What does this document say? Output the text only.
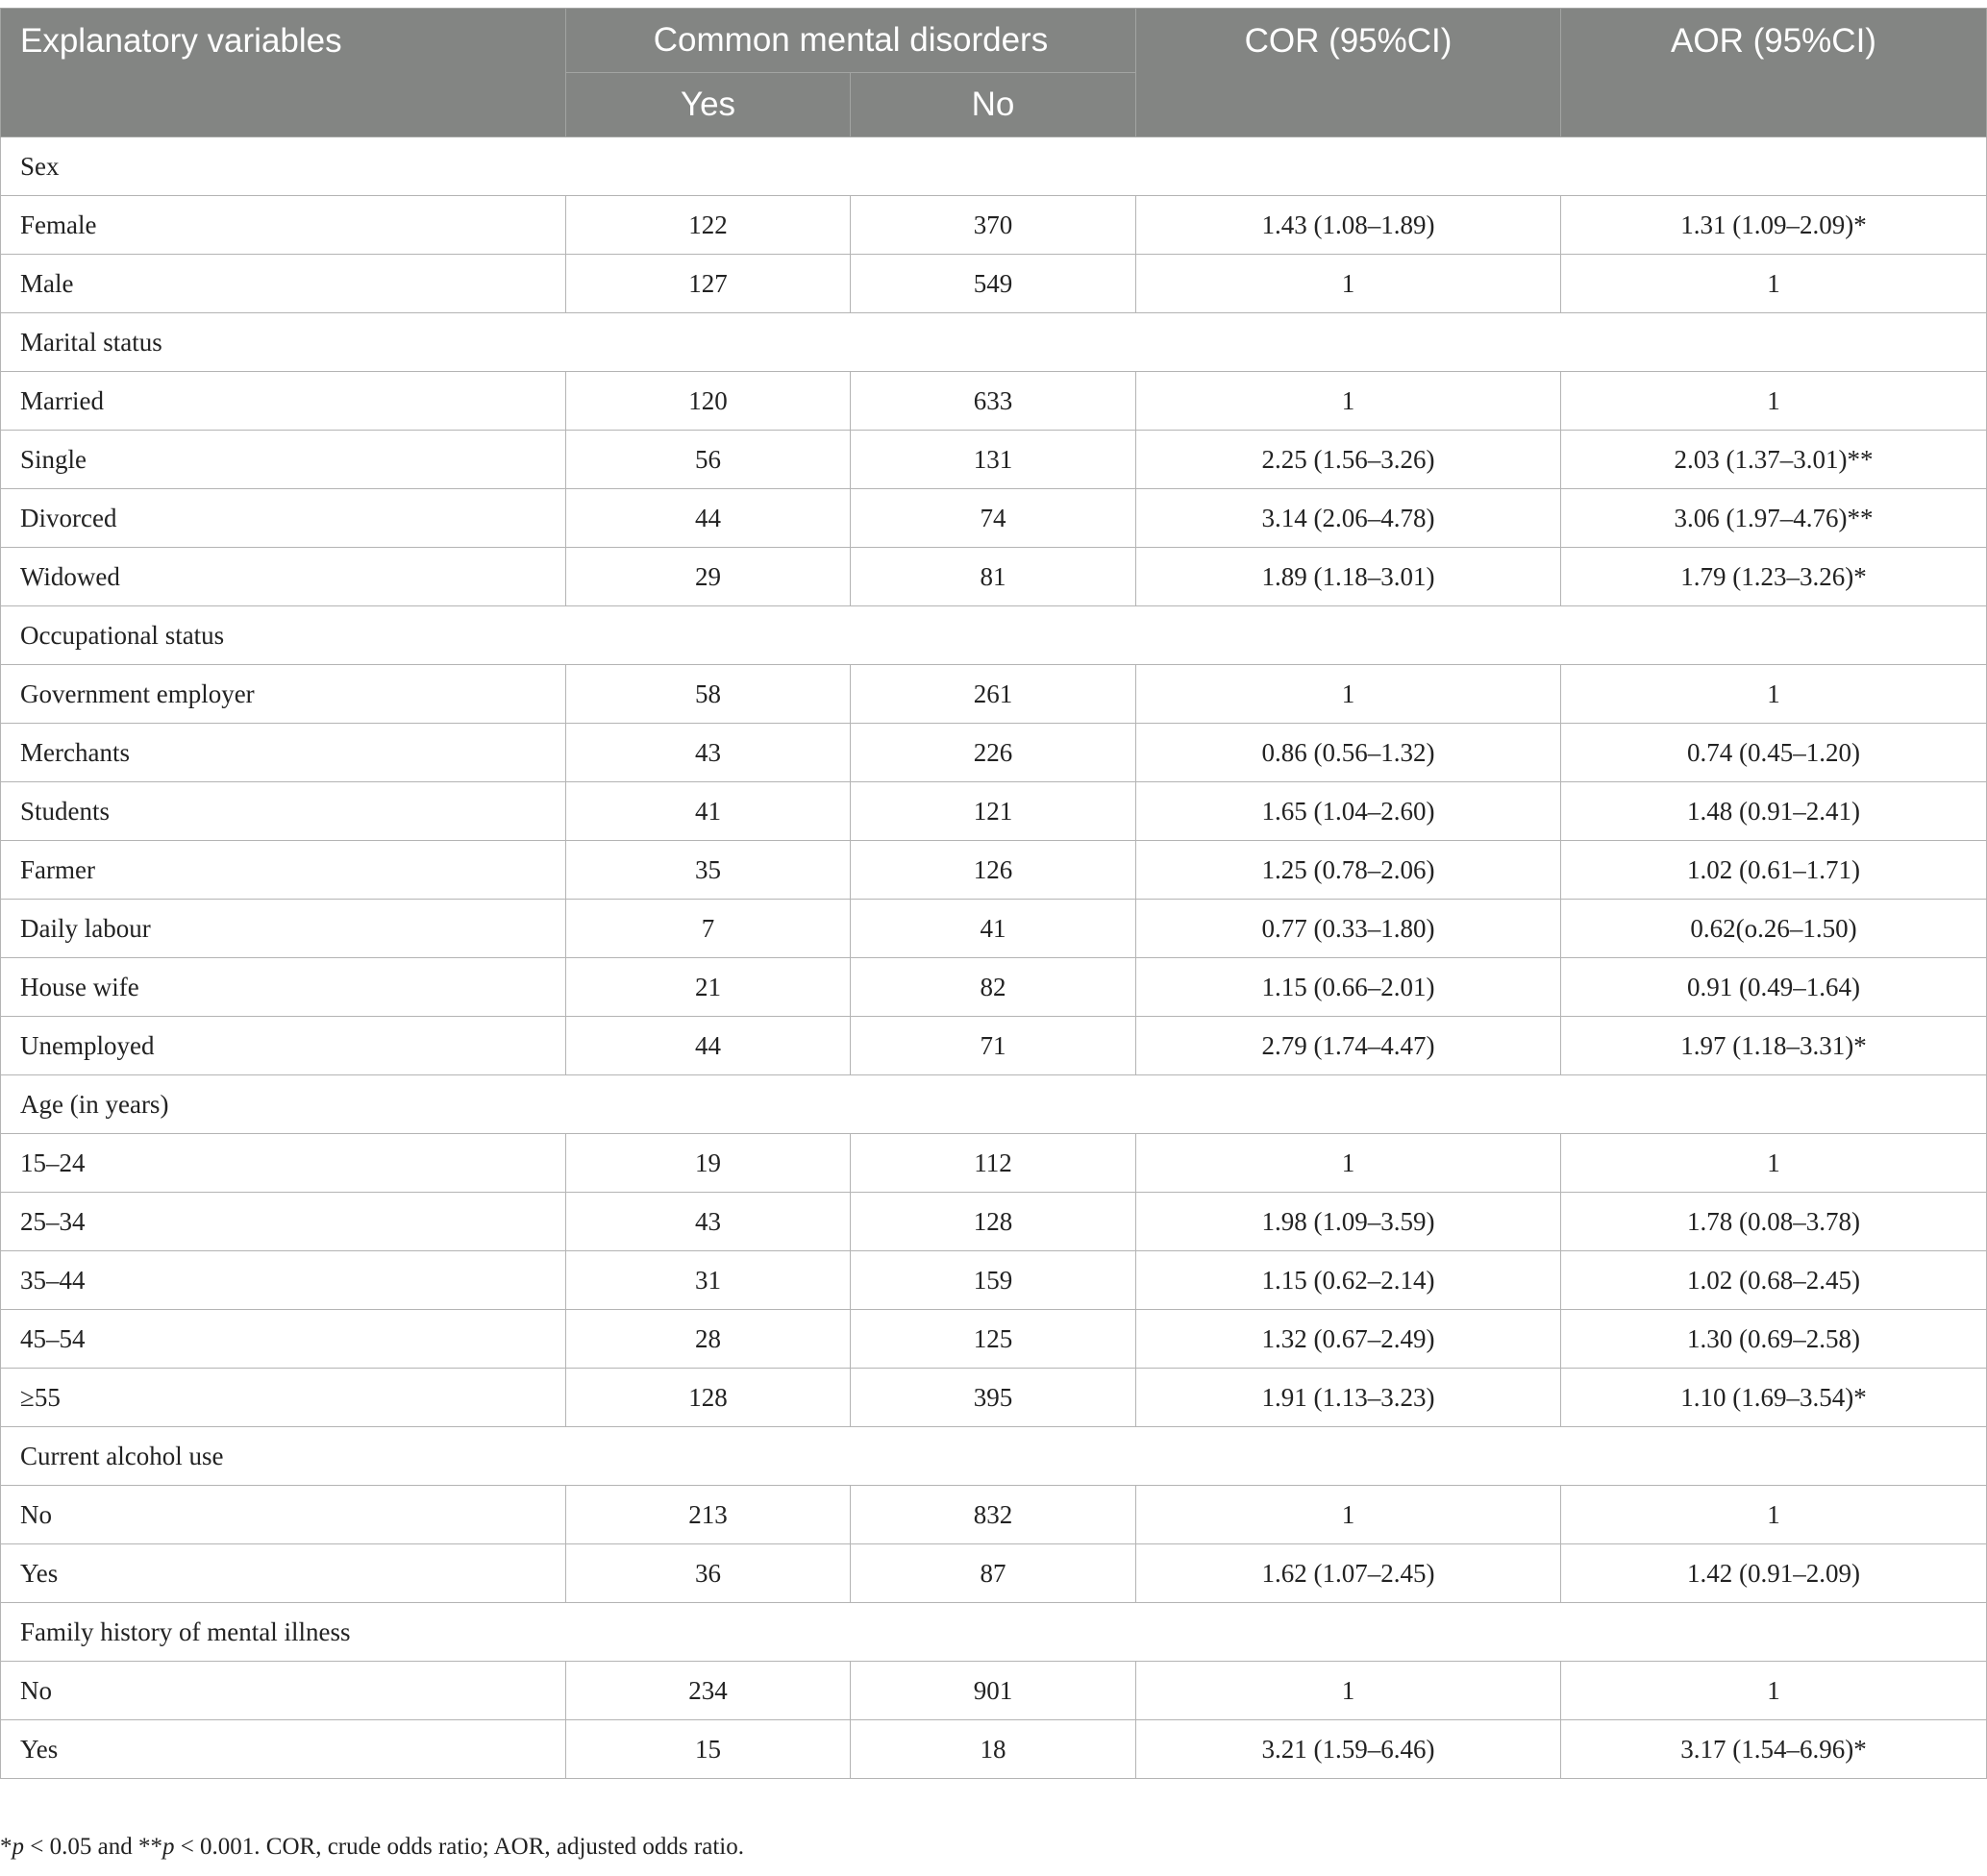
Explanatory variables	Common mental disorders		COR (95%CI)	AOR (95%CI)
	Yes	No		
Sex				
Female	122	370	1.43 (1.08–1.89)	1.31 (1.09–2.09)*
Male	127	549	1	1
Marital status				
Married	120	633	1	1
Single	56	131	2.25 (1.56–3.26)	2.03 (1.37–3.01)**
Divorced	44	74	3.14 (2.06–4.78)	3.06 (1.97–4.76)**
Widowed	29	81	1.89 (1.18–3.01)	1.79 (1.23–3.26)*
Occupational status				
Government employer	58	261	1	1
Merchants	43	226	0.86 (0.56–1.32)	0.74 (0.45–1.20)
Students	41	121	1.65 (1.04–2.60)	1.48 (0.91–2.41)
Farmer	35	126	1.25 (0.78–2.06)	1.02 (0.61–1.71)
Daily labour	7	41	0.77 (0.33–1.80)	0.62(o.26–1.50)
House wife	21	82	1.15 (0.66–2.01)	0.91 (0.49–1.64)
Unemployed	44	71	2.79 (1.74–4.47)	1.97 (1.18–3.31)*
Age (in years)				
15–24	19	112	1	1
25–34	43	128	1.98 (1.09–3.59)	1.78 (0.08–3.78)
35–44	31	159	1.15 (0.62–2.14)	1.02 (0.68–2.45)
45–54	28	125	1.32 (0.67–2.49)	1.30 (0.69–2.58)
≥55	128	395	1.91 (1.13–3.23)	1.10 (1.69–3.54)*
Current alcohol use				
No	213	832	1	1
Yes	36	87	1.62 (1.07–2.45)	1.42 (0.91–2.09)
Family history of mental illness				
No	234	901	1	1
Yes	15	18	3.21 (1.59–6.46)	3.17 (1.54–6.96)*
*p < 0.05 and **p < 0.001. COR, crude odds ratio; AOR, adjusted odds ratio.
